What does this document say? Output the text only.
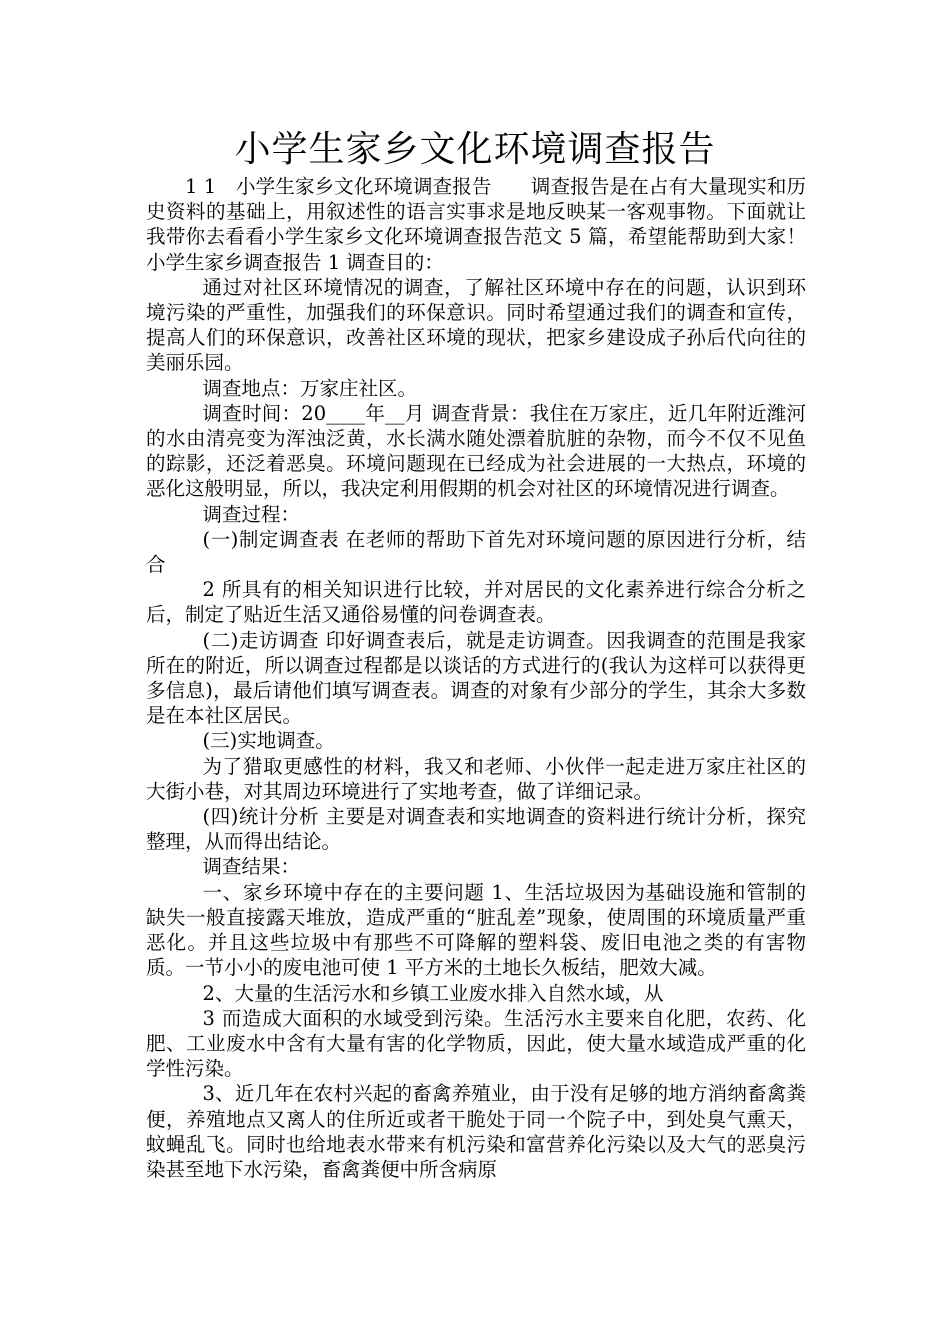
小学生家乡文化环境调查报告

1 1　小学生家乡文化环境调查报告　　调查报告是在占有大量现实和历史资料的基础上，用叙述性的语言实事求是地反映某一客观事物。下面就让我带你去看看小学生家乡文化环境调查报告范文 5 篇，希望能帮助到大家！小学生家乡调查报告 1 调查目的：

通过对社区环境情况的调查，了解社区环境中存在的问题，认识到环境污染的严重性，加强我们的环保意识。同时希望通过我们的调查和宣传，提高人们的环保意识，改善社区环境的现状，把家乡建设成子孙后代向往的美丽乐园。

调查地点：万家庄社区。

调查时间：20____年__月 调查背景：我住在万家庄，近几年附近潍河的水由清亮变为浑浊泛黄，水长满水随处漂着肮脏的杂物，而今不仅不见鱼的踪影，还泛着恶臭。环境问题现在已经成为社会进展的一大热点，环境的恶化这般明显，所以，我决定利用假期的机会对社区的环境情况进行调查。

调查过程：

(一)制定调查表 在老师的帮助下首先对环境问题的原因进行分析，结合

2 所具有的相关知识进行比较，并对居民的文化素养进行综合分析之后，制定了贴近生活又通俗易懂的问卷调查表。

(二)走访调查 印好调查表后，就是走访调查。因我调查的范围是我家所在的附近，所以调查过程都是以谈话的方式进行的(我认为这样可以获得更多信息)，最后请他们填写调查表。调查的对象有少部分的学生，其余大多数是在本社区居民。

(三)实地调查。

为了猎取更感性的材料，我又和老师、小伙伴一起走进万家庄社区的大街小巷，对其周边环境进行了实地考查，做了详细记录。

(四)统计分析 主要是对调查表和实地调查的资料进行统计分析，探究整理，从而得出结论。

调查结果：

一、家乡环境中存在的主要问题 1、生活垃圾因为基础设施和管制的缺失一般直接露天堆放，造成严重的“脏乱差”现象，使周围的环境质量严重恶化。并且这些垃圾中有那些不可降解的塑料袋、废旧电池之类的有害物质。一节小小的废电池可使 1 平方米的土地长久板结，肥效大减。

2、大量的生活污水和乡镇工业废水排入自然水域，从

3 而造成大面积的水域受到污染。生活污水主要来自化肥，农药、化肥、工业废水中含有大量有害的化学物质，因此，使大量水域造成严重的化学性污染。

3、近几年在农村兴起的畜禽养殖业，由于没有足够的地方消纳畜禽粪便，养殖地点又离人的住所近或者干脆处于同一个院子中，到处臭气熏天，蚊蝇乱飞。同时也给地表水带来有机污染和富营养化污染以及大气的恶臭污染甚至地下水污染，畜禽粪便中所含病原
